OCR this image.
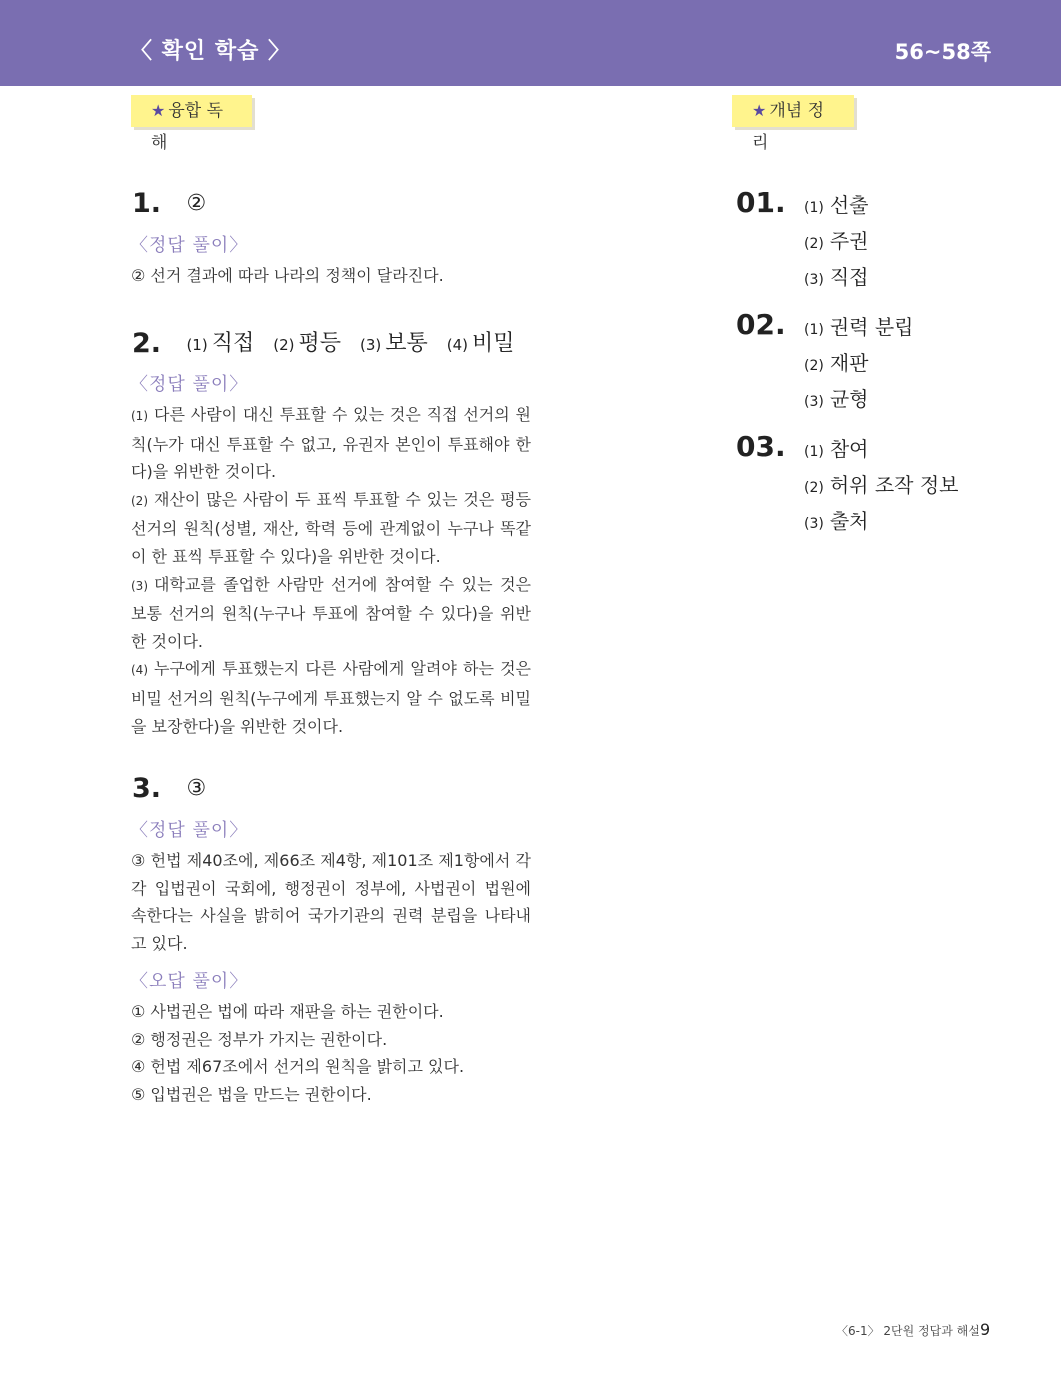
〈 확인 학습 〉	56~58쪽
★ 융합 독해
★ 개념 정리
1. ②
〈정답 풀이〉

② 선거 결과에 따라 나라의 정책이 달라진다.

2. (1) 직접 (2) 평등 (3) 보통 (4) 비밀
〈정답 풀이〉

(1) 다른 사람이 대신 투표할 수 있는 것은 직접 선거의 원칙(누가 대신 투표할 수 없고, 유권자 본인이 투표해야 한다)을 위반한 것이다.

(2) 재산이 많은 사람이 두 표씩 투표할 수 있는 것은 평등 선거의 원칙(성별, 재산, 학력 등에 관계없이 누구나 똑같이 한 표씩 투표할 수 있다)을 위반한 것이다.

(3) 대학교를 졸업한 사람만 선거에 참여할 수 있는 것은 보통 선거의 원칙(누구나 투표에 참여할 수 있다)을 위반한 것이다.

(4) 누구에게 투표했는지 다른 사람에게 알려야 하는 것은 비밀 선거의 원칙(누구에게 투표했는지 알 수 없도록 비밀을 보장한다)을 위반한 것이다.

3. ③
〈정답 풀이〉

③ 헌법 제40조에, 제66조 제4항, 제101조 제1항에서 각각 입법권이 국회에, 행정권이 정부에, 사법권이 법원에 속한다는 사실을 밝히어 국가기관의 권력 분립을 나타내고 있다.

〈오답 풀이〉

① 사법권은 법에 따라 재판을 하는 권한이다.

② 행정권은 정부가 가지는 권한이다.

④ 헌법 제67조에서 선거의 원칙을 밝히고 있다.

⑤ 입법권은 법을 만드는 권한이다.

01. (1) 선출
(2) 주권
(3) 직접
02. (1) 권력 분립
(2) 재판
(3) 균형
03. (1) 참여
(2) 허위 조작 정보
(3) 출처
〈6-1〉 2단원 정답과 해설 9
